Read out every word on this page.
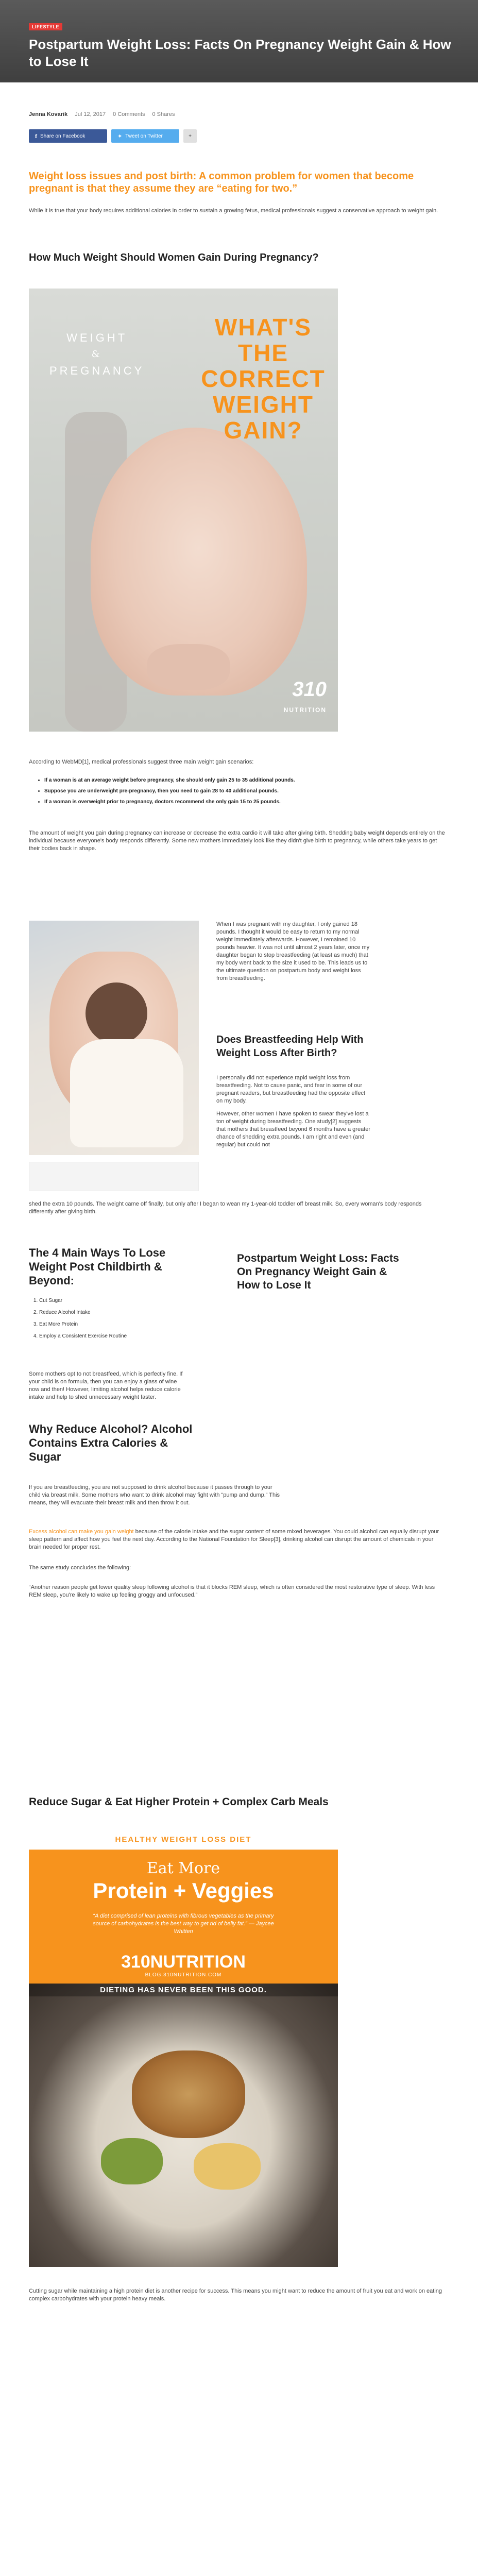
LIFESTYLE
Postpartum Weight Loss: Facts On Pregnancy Weight Gain & How to Lose It
Jenna Kovarik Jul 12, 2017 0 Comments 0 Shares
f Share on Facebook	✦ Tweet on Twitter	+
Weight loss issues and post birth: A common problem for women that become pregnant is that they assume they are “eating for two.”

While it is true that your body requires additional calories in order to sustain a growing fetus, medical professionals suggest a conservative approach to weight gain.

How Much Weight Should Women Gain During Pregnancy?
WEIGHT
&
PREGNANCY
WHAT'S THE CORRECT WEIGHT GAIN?
310
NUTRITION

According to WebMD[1], medical professionals suggest three main weight gain scenarios:

• If a woman is at an average weight before pregnancy, she should only gain 25 to 35 additional pounds.
• Suppose you are underweight pre-pregnancy, then you need to gain 28 to 40 additional pounds.
• If a woman is overweight prior to pregnancy, doctors recommend she only gain 15 to 25 pounds.

The amount of weight you gain during pregnancy can increase or decrease the extra cardio it will take after giving birth. Shedding baby weight depends entirely on the individual because everyone's body responds differently. Some new mothers immediately look like they didn't give birth to pregnancy, while others take years to get their bodies back in shape.

When I was pregnant with my daughter, I only gained 18 pounds. I thought it would be easy to return to my normal weight immediately afterwards. However, I remained 10 pounds heavier. It was not until almost 2 years later, once my daughter began to stop breastfeeding (at least as much) that my body went back to the size it used to be. This leads us to the ultimate question on postpartum body and weight loss from breastfeeding.

Does Breastfeeding Help With Weight Loss After Birth?

I personally did not experience rapid weight loss from breastfeeding. Not to cause panic, and fear in some of our pregnant readers, but breastfeeding had the opposite effect on my body.

However, other women I have spoken to swear they've lost a ton of weight during breastfeeding. One study[2] suggests that mothers that breastfeed beyond 6 months have a greater chance of shedding extra pounds. I am right and even (and regular) but could not

shed the extra 10 pounds. The weight came off finally, but only after I began to wean my 1-year-old toddler off breast milk. So, every woman's body responds differently after giving birth.

The 4 Main Ways To Lose Weight Post Childbirth & Beyond:
Postpartum Weight Loss: Facts On Pregnancy Weight Gain & How to Lose It
1. Cut Sugar
2. Reduce Alcohol Intake
3. Eat More Protein
4. Employ a Consistent Exercise Routine

Some mothers opt to not breastfeed, which is perfectly fine. If your child is on formula, then you can enjoy a glass of wine now and then! However, limiting alcohol helps reduce calorie intake and help to shed unnecessary weight faster.

Why Reduce Alcohol? Alcohol Contains Extra Calories & Sugar

If you are breastfeeding, you are not supposed to drink alcohol because it passes through to your child via breast milk. Some mothers who want to drink alcohol may fight with “pump and dump.” This means, they will evacuate their breast milk and then throw it out.

Excess alcohol can make you gain weight because of the calorie intake and the sugar content of some mixed beverages. You could alcohol can equally disrupt your sleep pattern and affect how you feel the next day. According to the National Foundation for Sleep[3], drinking alcohol can disrupt the amount of chemicals in your brain needed for proper rest.

The same study concludes the following:

“Another reason people get lower quality sleep following alcohol is that it blocks REM sleep, which is often considered the most restorative type of sleep. With less REM sleep, you're likely to wake up feeling groggy and unfocused.”

Reduce Sugar & Eat Higher Protein + Complex Carb Meals
HEALTHY WEIGHT LOSS DIET
Eat More
Protein + Veggies
“A diet comprised of lean proteins with fibrous vegetables as the primary source of carbohydrates is the best way to get rid of belly fat.” — Jaycee Whitten
310NUTRITION
BLOG.310NUTRITION.COM
DIETING HAS NEVER BEEN THIS GOOD.

Cutting sugar while maintaining a high protein diet is another recipe for success. This means you might want to reduce the amount of fruit you eat and work on eating complex carbohydrates with your protein heavy meals.
